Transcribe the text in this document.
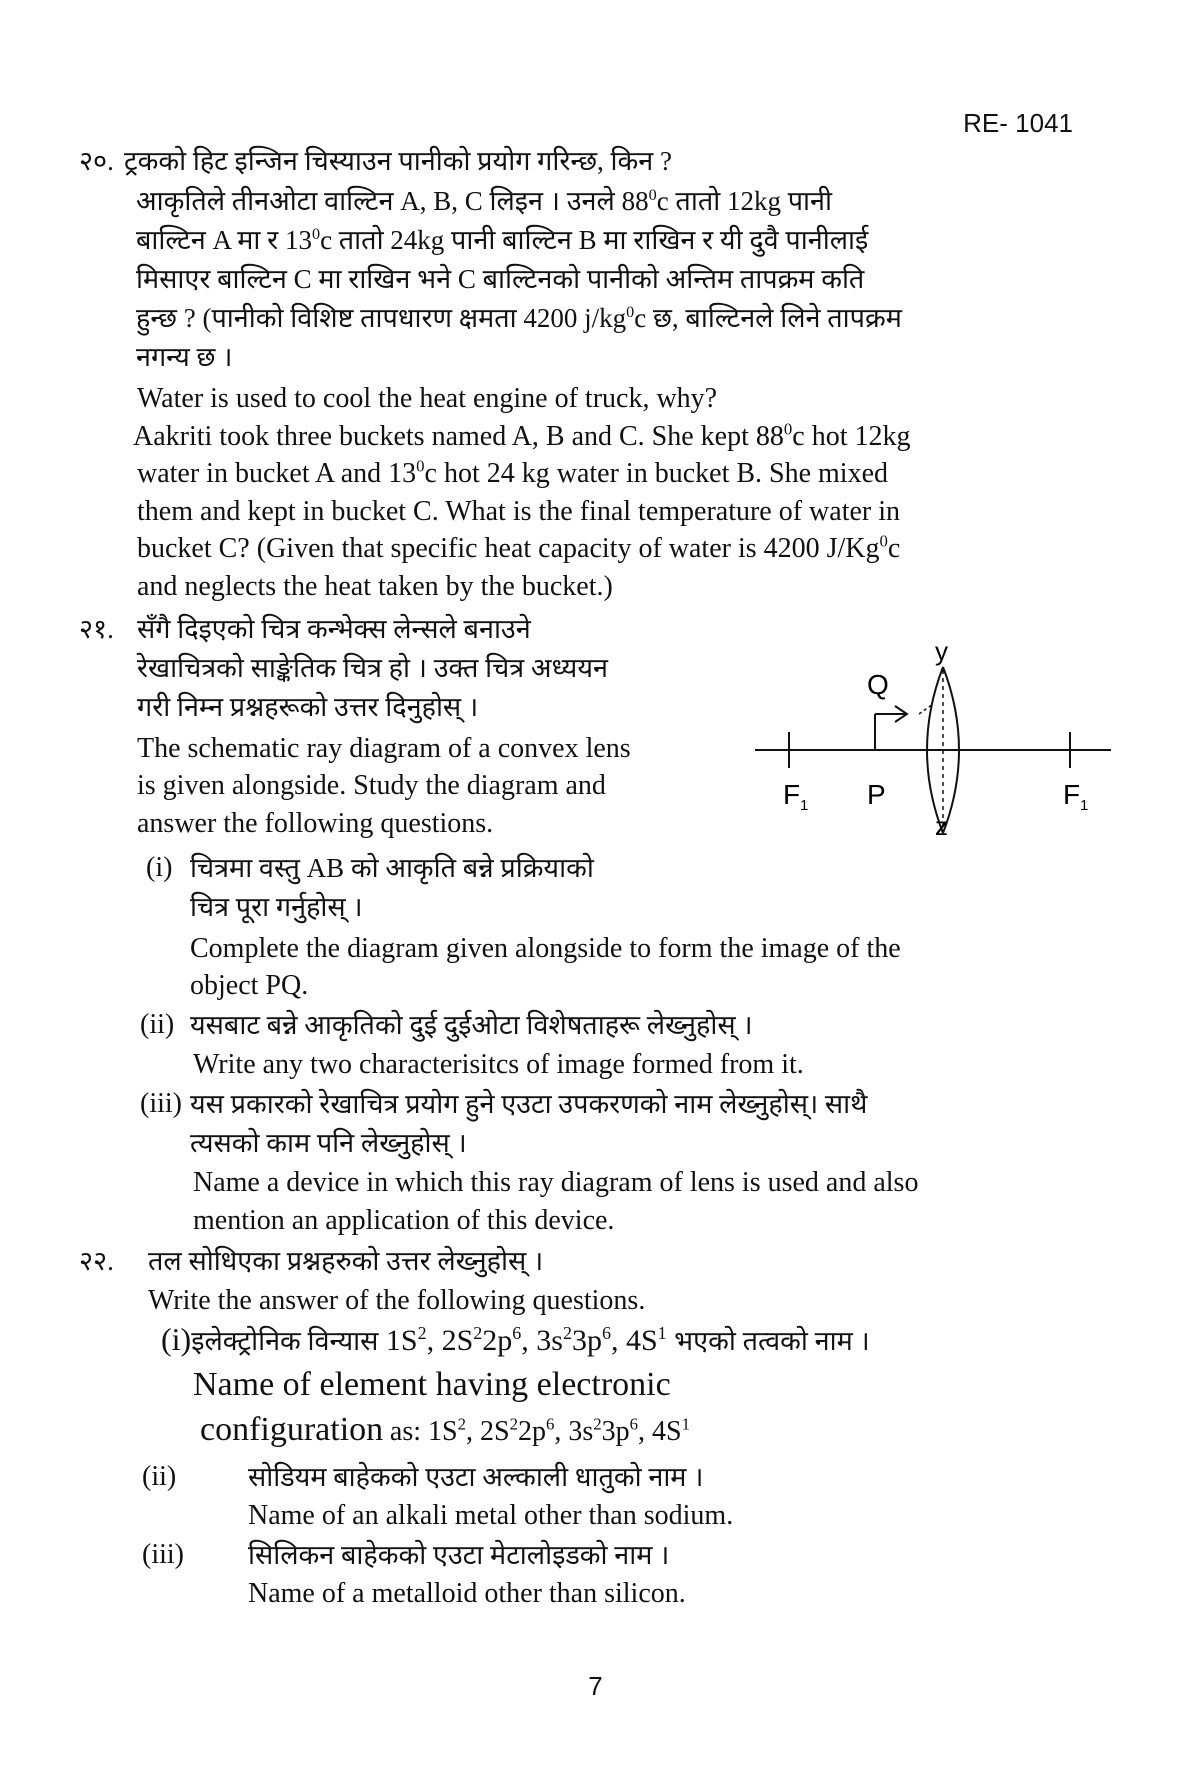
RE- 1041
२०. ट्रकको हिट इन्जिन चिस्याउन पानीको प्रयोग गरिन्छ, किन ?
आकृतिले तीनओटा वाल्टिन A, B, C लिइन । उनले $88^0c$ तातो 12kg पानी
बाल्टिन A मा र $13^0c$ तातो 24kg पानी बाल्टिन B मा राखिन र यी दुवै पानीलाई
मिसाएर बाल्टिन C मा राखिन भने C बाल्टिनको पानीको अन्तिम तापक्रम कति
हुन्छ ? (पानीको विशिष्ट तापधारण क्षमता 4200 $j/kg^0c$ छ, बाल्टिनले लिने तापक्रम
नगन्य छ ।
Water is used to cool the heat engine of truck, why?
Aakriti took three buckets named A, B and C. She kept $88^0c$ hot 12kg
water in bucket A and $13^0c$ hot 24 kg water in bucket B. She mixed
them and kept in bucket C. What is the final temperature of water in
bucket C? (Given that specific heat capacity of water is 4200 J/Kg$^0$c
and neglects the heat taken by the bucket.)
२१. सँगै दिइएको चित्र कन्भेक्स लेन्सले बनाउने
रेखाचित्रको साङ्केतिक चित्र हो । उक्त चित्र अध्ययन
गरी निम्न प्रश्नहरूको उत्तर दिनुहोस् ।
The schematic ray diagram of a convex lens
is given alongside. Study the diagram and
answer the following questions.
y
Q
F 1 P	F 1
z
(i) चित्रमा वस्तु AB को आकृति बन्ने प्रक्रियाको
चित्र पूरा गर्नुहोस् ।
Complete the diagram given alongside to form the image of the
object PQ.
(ii) यसबाट बन्ने आकृतिको दुई दुईओटा विशेषताहरू लेख्नुहोस् ।
Write any two characterisitcs of image formed from it.
(iii) यस प्रकारको रेखाचित्र प्रयोग हुने एउटा उपकरणको नाम लेख्नुहोस्। साथै
त्यसको काम पनि लेख्नुहोस् ।
Name a device in which this ray diagram of lens is used and also
mention an application of this device.
२२. तल सोधिएका प्रश्नहरुको उत्तर लेख्नुहोस् ।
Write the answer of the following questions.
(i)इलेक्ट्रोनिक विन्यास $1S^2$, $2S^22p^6$, $3s^23p^6$, $4S^1$ भएको तत्वको नाम ।
Name of element having electronic
configuration as: $1S^2$, $2S^22p^6$, $3s^23p^6$, $4S^1$
(ii)	सोडियम बाहेकको एउटा अल्काली धातुको नाम ।
Name of an alkali metal other than sodium.
(iii) सिलिकन बाहेकको एउटा मेटालोइडको नाम ।
Name of a metalloid other than silicon.
7
